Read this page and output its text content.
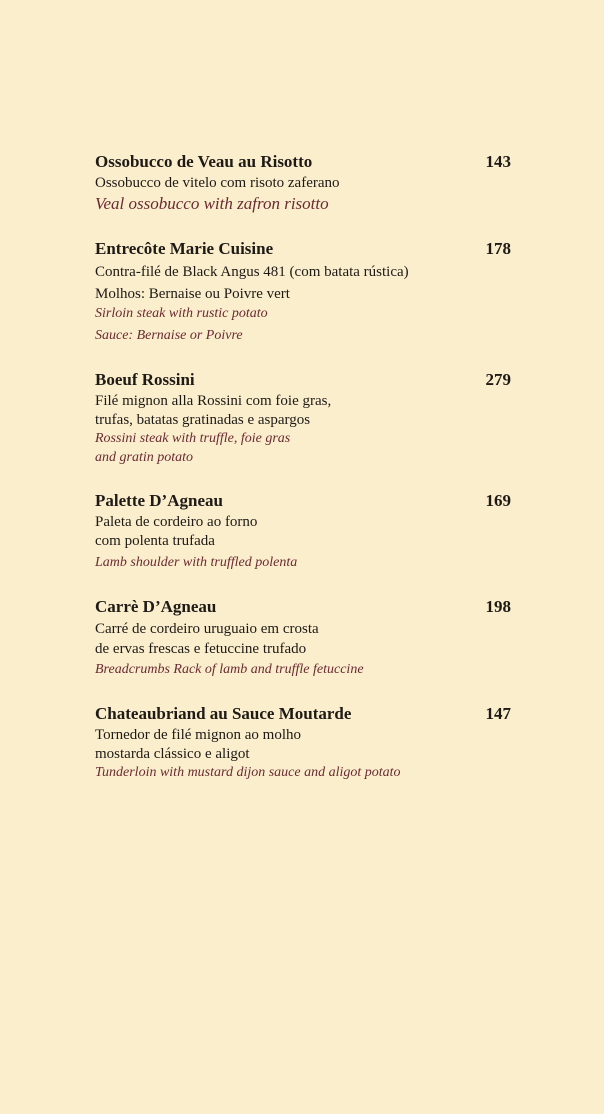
Ossobucco de Veau au Risotto	143
Ossobucco de vitelo com risoto zaferano
Veal ossobucco with zafron risotto
Entrecôte Marie Cuisine	178
Contra-filé de Black Angus 481 (com batata rústica)
Molhos: Bernaise ou Poivre vert
Sirloin steak with rustic potato
Sauce: Bernaise or Poivre
Boeuf Rossini	279
Filé mignon alla Rossini com foie gras,
trufas, batatas gratinadas e aspargos
Rossini steak with truffle, foie gras
and gratin potato
Palette D’Agneau	169
Paleta de cordeiro ao forno
com polenta trufada
Lamb shoulder with truffled polenta
Carrè D’Agneau	198
Carré de cordeiro uruguaio em crosta
de ervas frescas e fetuccine trufado
Breadcrumbs Rack of lamb and truffle fetuccine
Chateaubriand au Sauce Moutarde	147
Tornedor de filé mignon ao molho
mostarda clássico e aligot
Tunderloin with mustard dijon sauce and aligot potato
